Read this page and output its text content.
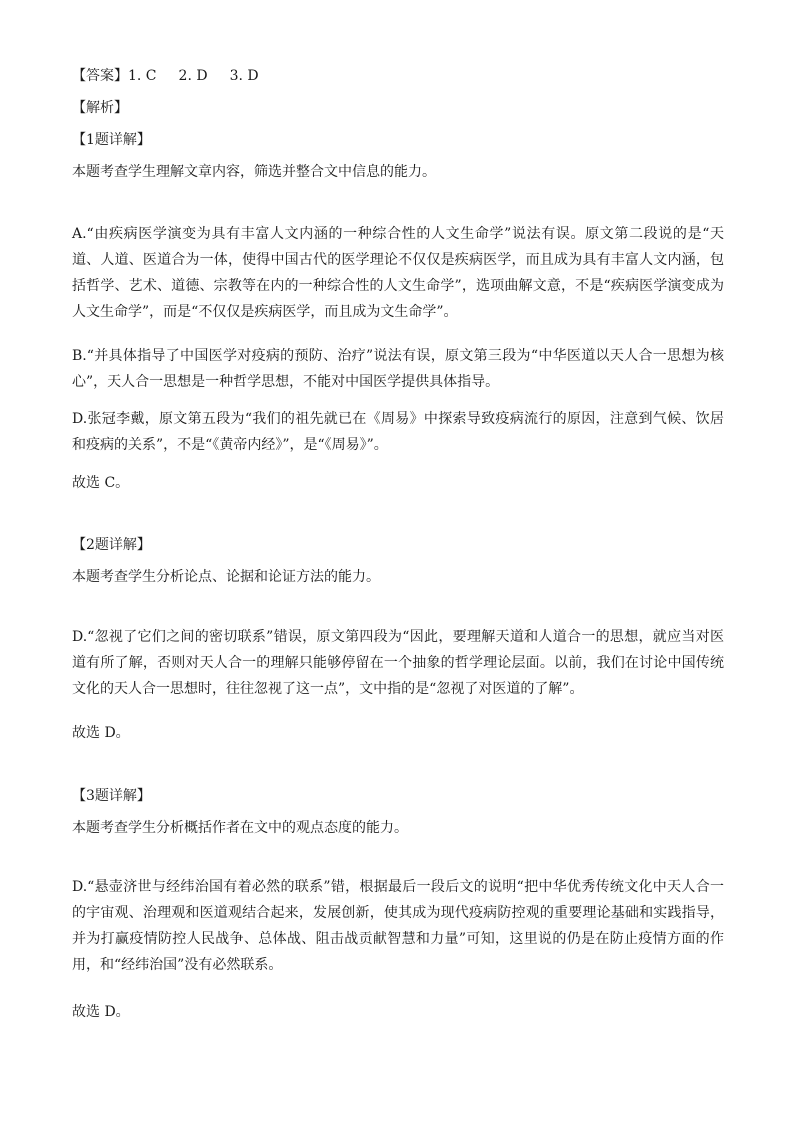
【答案】1. C 2. D 3. D
【解析】
【1题详解】
本题考查学生理解文章内容，筛选并整合文中信息的能力。
A.“由疾病医学演变为具有丰富人文内涵的一种综合性的人文生命学”说法有误。原文第二段说的是“天道、人道、医道合为一体，使得中国古代的医学理论不仅仅是疾病医学，而且成为具有丰富人文内涵，包括哲学、艺术、道德、宗教等在内的一种综合性的人文生命学”，选项曲解文意，不是“疾病医学演变成为人文生命学”，而是“不仅仅是疾病医学，而且成为文生命学”。
B.“并具体指导了中国医学对疫病的预防、治疗”说法有误，原文第三段为“中华医道以天人合一思想为核心”，天人合一思想是一种哲学思想，不能对中国医学提供具体指导。
D.张冠李戴，原文第五段为“我们的祖先就已在《周易》中探索导致疫病流行的原因，注意到气候、饮居和疫病的关系”，不是“《黄帝内经》”，是“《周易》”。
故选 C。
【2题详解】
本题考查学生分析论点、论据和论证方法的能力。
D.“忽视了它们之间的密切联系”错误，原文第四段为“因此，要理解天道和人道合一的思想，就应当对医道有所了解，否则对天人合一的理解只能够停留在一个抽象的哲学理论层面。以前，我们在讨论中国传统文化的天人合一思想时，往往忽视了这一点”，文中指的是“忽视了对医道的了解”。
故选 D。
【3题详解】
本题考查学生分析概括作者在文中的观点态度的能力。
D.“悬壶济世与经纬治国有着必然的联系”错，根据最后一段后文的说明“把中华优秀传统文化中天人合一的宇宙观、治理观和医道观结合起来，发展创新，使其成为现代疫病防控观的重要理论基础和实践指导，并为打赢疫情防控人民战争、总体战、阻击战贡献智慧和力量”可知，这里说的仍是在防止疫情方面的作用，和“经纬治国”没有必然联系。
故选 D。
